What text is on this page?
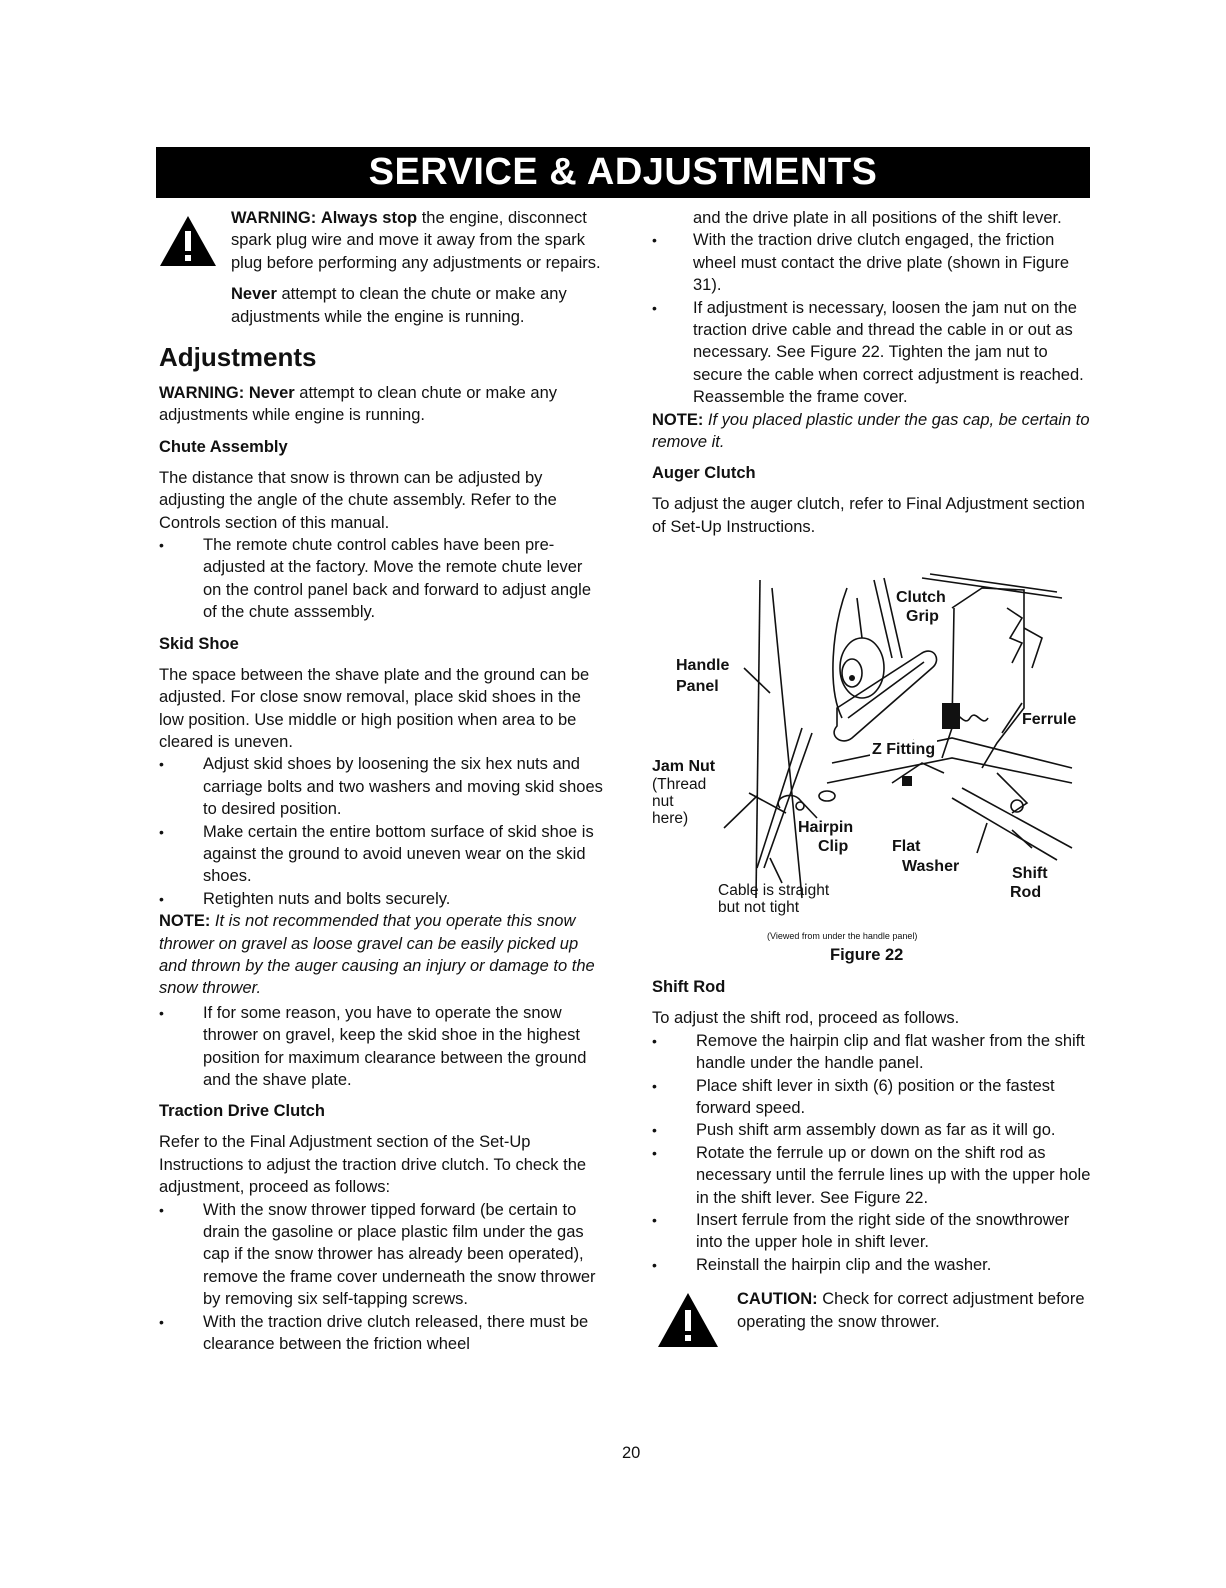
SERVICE & ADJUSTMENTS

WARNING: Always stop the engine, disconnect spark plug wire and move it away from the spark plug before performing any adjustments or repairs.

Never attempt to clean the chute or make any adjustments while the engine is running.

Adjustments

WARNING: Never attempt to clean chute or make any adjustments while engine is running.

Chute Assembly

The distance that snow is thrown can be adjusted by adjusting the angle of the chute assembly. Refer to the Controls section of this manual.

• The remote chute control cables have been pre-adjusted at the factory. Move the remote chute lever on the control panel back and forward to adjust angle of the chute asssembly.
Skid Shoe

The space between the shave plate and the ground can be adjusted. For close snow removal, place skid shoes in the low position. Use middle or high position when area to be cleared is uneven.

• Adjust skid shoes by loosening the six hex nuts and carriage bolts and two washers and moving skid shoes to desired position.
• Make certain the entire bottom surface of skid shoe is against the ground to avoid uneven wear on the skid shoes.
• Retighten nuts and bolts securely.

NOTE: It is not recommended that you operate this snow thrower on gravel as loose gravel can be easily picked up and thrown by the auger causing an injury or damage to the snow thrower.

• If for some reason, you have to operate the snow thrower on gravel, keep the skid shoe in the highest position for maximum clearance between the ground and the shave plate.
Traction Drive Clutch

Refer to the Final Adjustment section of the Set-Up Instructions to adjust the traction drive clutch. To check the adjustment, proceed as follows:

• With the snow thrower tipped forward (be certain to drain the gasoline or place plastic film under the gas cap if the snow thrower has already been operated), remove the frame cover underneath the snow thrower by removing six self-tapping screws.
• With the traction drive clutch released, there must be clearance between the friction wheel

and the drive plate in all positions of the shift lever.

• With the traction drive clutch engaged, the friction wheel must contact the drive plate (shown in Figure 31).
• If adjustment is necessary, loosen the jam nut on the traction drive cable and thread the cable in or out as necessary. See Figure 22. Tighten the jam nut to secure the cable when correct adjustment is reached. Reassemble the frame cover.

NOTE: If you placed plastic under the gas cap, be certain to remove it.

Auger Clutch

To adjust the auger clutch, refer to Final Adjustment section of Set-Up Instructions.

Clutch
Grip
Handle
Panel
Ferrule
Jam Nut
(Thread
nut
here)
Z Fitting
Hairpin
Clip	Flat
Washer	Shift
Rod
Cable is straight
but not tight
(Viewed from under the handle panel)
Figure 22
Shift Rod

To adjust the shift rod, proceed as follows.

• Remove the hairpin clip and flat washer from the shift handle under the handle panel.
• Place shift lever in sixth (6) position or the fastest forward speed.
• Push shift arm assembly down as far as it will go.
• Rotate the ferrule up or down on the shift rod as necessary until the ferrule lines up with the upper hole in the shift lever. See Figure 22.
• Insert ferrule from the right side of the snowthrower into the upper hole in shift lever.
• Reinstall the hairpin clip and the washer.

CAUTION: Check for correct adjustment before operating the snow thrower.

20
